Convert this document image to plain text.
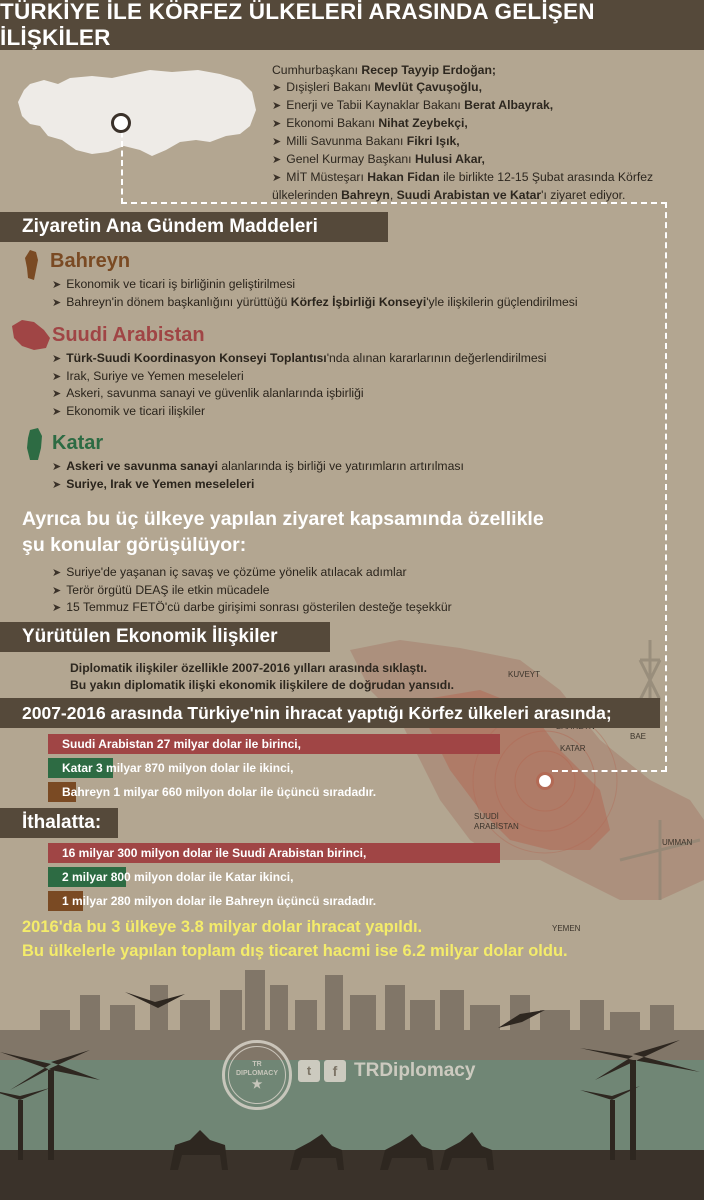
TÜRKİYE İLE KÖRFEZ ÜLKELERİ ARASINDA GELİŞEN İLİŞKİLER
Cumhurbaşkanı Recep Tayyip Erdoğan;
➤ Dışişleri Bakanı Mevlüt Çavuşoğlu,
➤ Enerji ve Tabii Kaynaklar Bakanı Berat Albayrak,
➤ Ekonomi Bakanı Nihat Zeybekçi,
➤ Milli Savunma Bakanı Fikri Işık,
➤ Genel Kurmay Başkanı Hulusi Akar,
➤ MİT Müsteşarı Hakan Fidan ile birlikte 12-15 Şubat arasında Körfez
ülkelerinden Bahreyn, Suudi Arabistan ve Katar'ı ziyaret ediyor.
Ziyaretin Ana Gündem Maddeleri
Bahreyn
➤ Ekonomik ve ticari iş birliğinin geliştirilmesi
➤ Bahreyn'in dönem başkanlığını yürüttüğü Körfez İşbirliği Konseyi'yle ilişkilerin güçlendirilmesi
Suudi Arabistan
➤ Türk-Suudi Koordinasyon Konseyi Toplantısı'nda alınan kararlarının değerlendirilmesi
➤ Irak, Suriye ve Yemen meseleleri
➤ Askeri, savunma sanayi ve güvenlik alanlarında işbirliği
➤ Ekonomik ve ticari ilişkiler
Katar
➤ Askeri ve savunma sanayi alanlarında iş birliği ve yatırımların artırılması
➤ Suriye, Irak ve Yemen meseleleri
Ayrıca bu üç ülkeye yapılan ziyaret kapsamında özellikle
şu konular görüşülüyor:
➤ Suriye'de yaşanan iç savaş ve çözüme yönelik atılacak adımlar
➤ Terör örgütü DEAŞ ile etkin mücadele
➤ 15 Temmuz FETÖ'cü darbe girişimi sonrası gösterilen desteğe teşekkür
Yürütülen Ekonomik İlişkiler
Diplomatik ilişkiler özellikle 2007-2016 yılları arasında sıklaştı.
Bu yakın diplomatik ilişki ekonomik ilişkilere de doğrudan yansıdı.
KUVEYT
KATAR
BAE
UMMAN
YEMEN
SUUDİ ARABİSTAN
2007-2016 arasında Türkiye'nin ihracat yaptığı Körfez ülkeleri arasında;
Suudi Arabistan 27 milyar dolar ile birinci,
Katar 3 milyar 870 milyon dolar ile ikinci,
Bahreyn 1 milyar 660 milyon dolar ile üçüncü sıradadır.
İthalatta:
16 milyar 300 milyon dolar ile Suudi Arabistan birinci,
2 milyar 800 milyon dolar ile Katar ikinci,
1 milyar 280 milyon dolar ile Bahreyn üçüncü sıradadır.
2016'da bu 3 ülkeye 3.8 milyar dolar ihracat yapıldı.
Bu ülkelerle yapılan toplam dış ticaret hacmi ise 6.2 milyar dolar oldu.
TR DIPLOMACY
★
t	f TRDiplomacy
